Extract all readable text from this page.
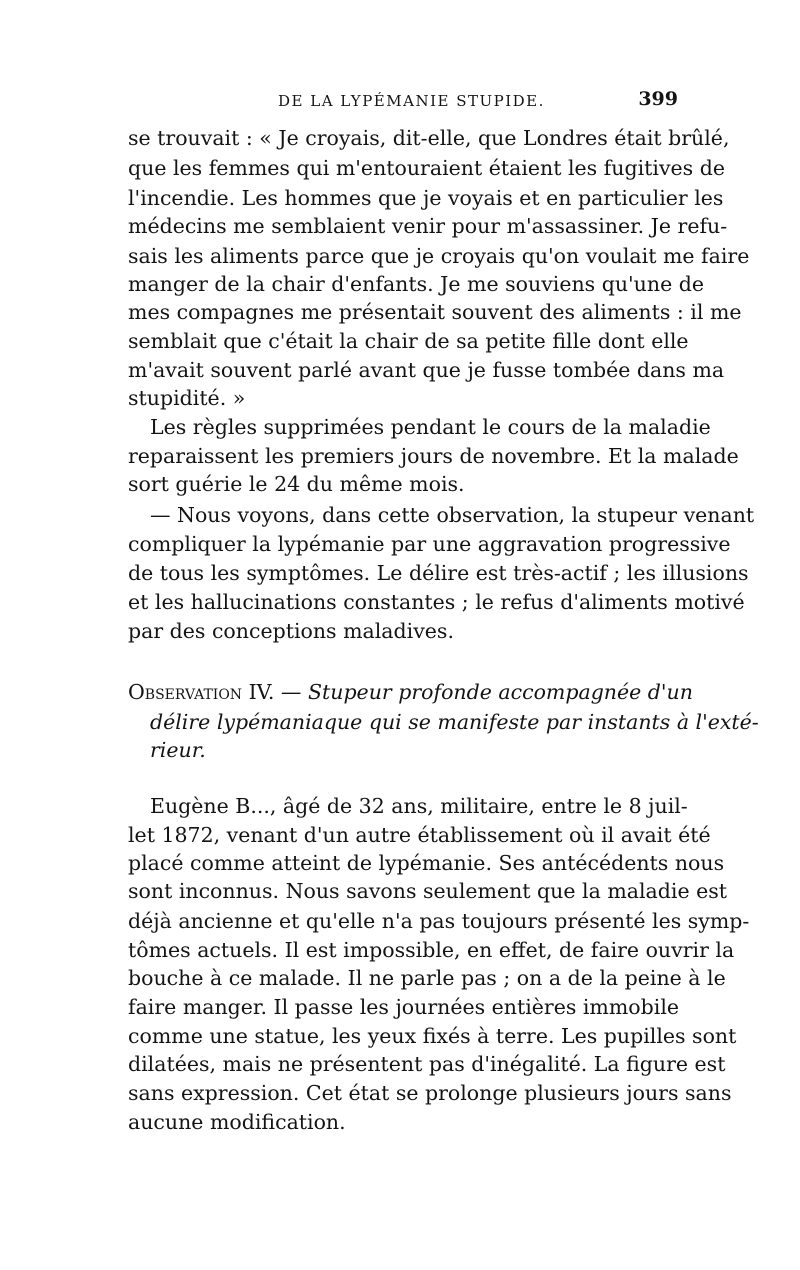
DE LA LYPÉMANIE STUPIDE.	399
se trouvait : « Je croyais, dit-elle, que Londres était brûlé,
que les femmes qui m'entouraient étaient les fugitives de
l'incendie. Les hommes que je voyais et en particulier les
médecins me semblaient venir pour m'assassiner. Je refu-
sais les aliments parce que je croyais qu'on voulait me faire
manger de la chair d'enfants. Je me souviens qu'une de
mes compagnes me présentait souvent des aliments : il me
semblait que c'était la chair de sa petite fille dont elle
m'avait souvent parlé avant que je fusse tombée dans ma
stupidité. »
Les règles supprimées pendant le cours de la maladie
reparaissent les premiers jours de novembre. Et la malade
sort guérie le 24 du même mois.
— Nous voyons, dans cette observation, la stupeur venant
compliquer la lypémanie par une aggravation progressive
de tous les symptômes. Le délire est très-actif ; les illusions
et les hallucinations constantes ; le refus d'aliments motivé
par des conceptions maladives.
Observation IV. — Stupeur profonde accompagnée d'un
délire lypémaniaque qui se manifeste par instants à l'exté-
rieur.
Eugène B..., âgé de 32 ans, militaire, entre le 8 juil-
let 1872, venant d'un autre établissement où il avait été
placé comme atteint de lypémanie. Ses antécédents nous
sont inconnus. Nous savons seulement que la maladie est
déjà ancienne et qu'elle n'a pas toujours présenté les symp-
tômes actuels. Il est impossible, en effet, de faire ouvrir la
bouche à ce malade. Il ne parle pas ; on a de la peine à le
faire manger. Il passe les journées entières immobile
comme une statue, les yeux fixés à terre. Les pupilles sont
dilatées, mais ne présentent pas d'inégalité. La figure est
sans expression. Cet état se prolonge plusieurs jours sans
aucune modification.
